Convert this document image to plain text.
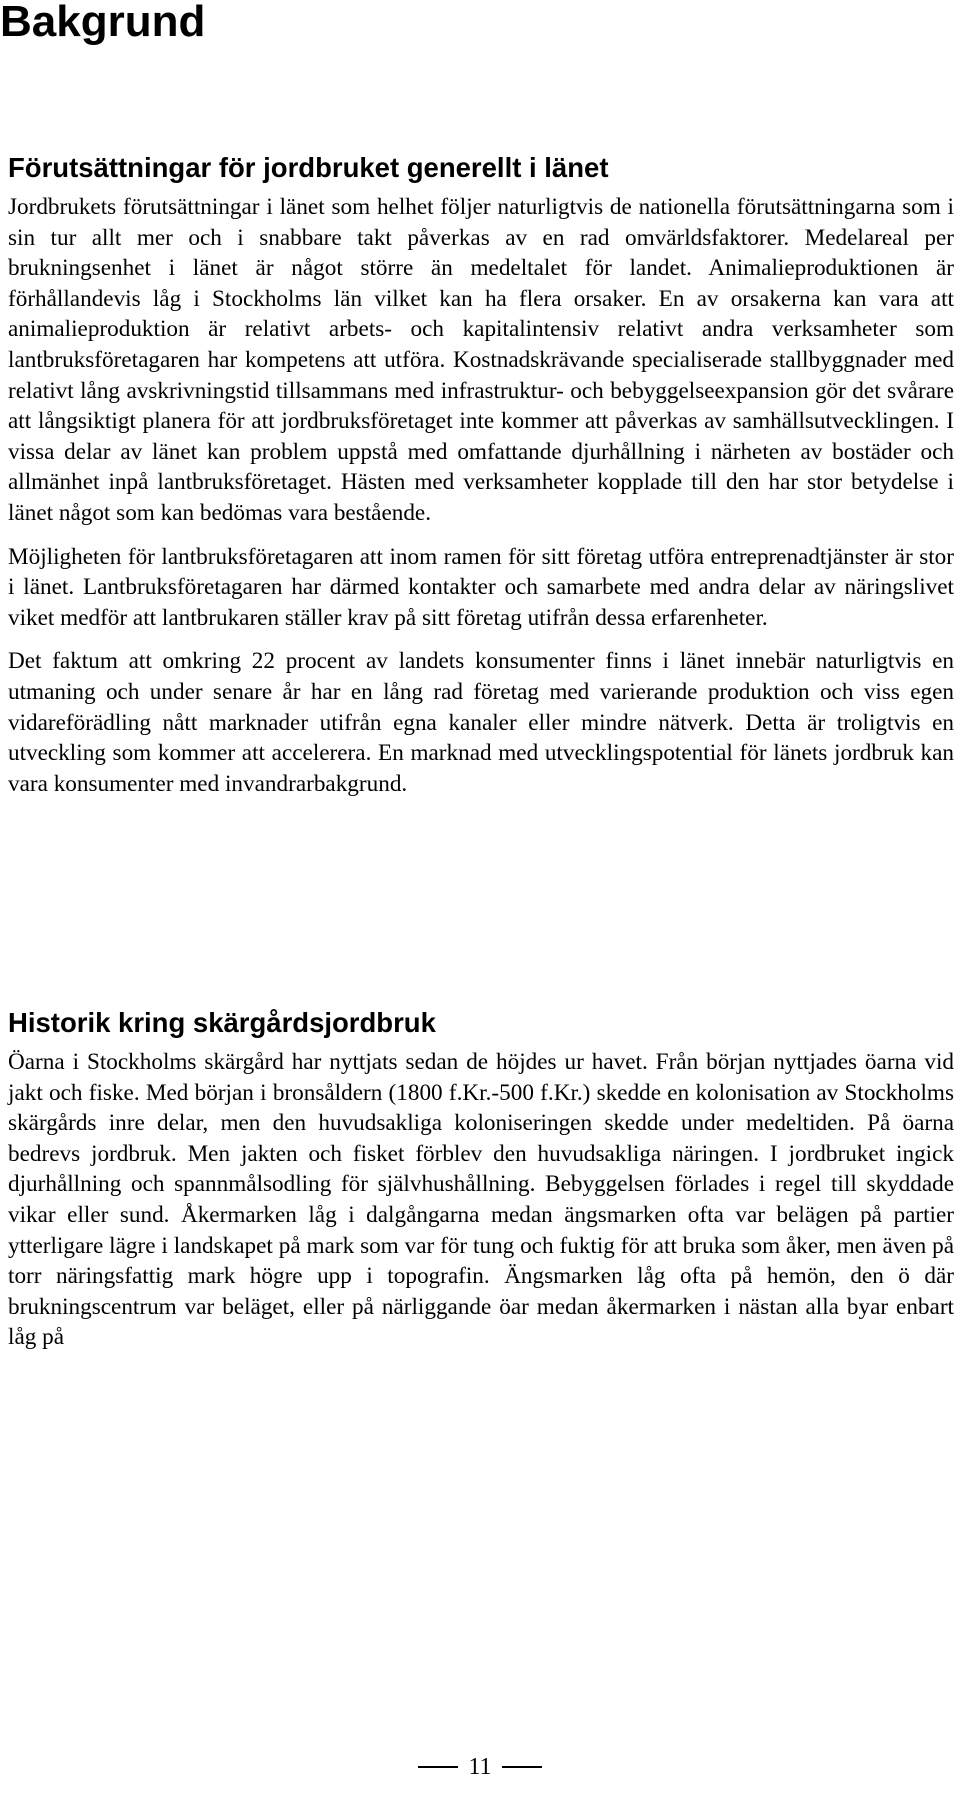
Bakgrund
Förutsättningar för jordbruket generellt i länet

Jordbrukets förutsättningar i länet som helhet följer naturligtvis de nationella förutsättningarna som i sin tur allt mer och i snabbare takt påverkas av en rad omvärldsfaktorer. Medelareal per brukningsenhet i länet är något större än medeltalet för landet. Animalieproduktionen är förhållandevis låg i Stockholms län vilket kan ha flera orsaker. En av orsakerna kan vara att animalieproduktion är relativt arbets- och kapitalintensiv relativt andra verksamheter som lantbruksföretagaren har kompetens att utföra. Kostnadskrävande specialiserade stallbyggnader med relativt lång avskrivningstid tillsammans med infrastruktur- och bebyggelseexpansion gör det svårare att långsiktigt planera för att jordbruksföretaget inte kommer att påverkas av samhällsutvecklingen. I vissa delar av länet kan problem uppstå med omfattande djurhållning i närheten av bostäder och allmänhet inpå lantbruksföretaget. Hästen med verksamheter kopplade till den har stor betydelse i länet något som kan bedömas vara bestående.

Möjligheten för lantbruksföretagaren att inom ramen för sitt företag utföra entreprenadtjänster är stor i länet. Lantbruksföretagaren har därmed kontakter och samarbete med andra delar av näringslivet viket medför att lantbrukaren ställer krav på sitt företag utifrån dessa erfarenheter.

Det faktum att omkring 22 procent av landets konsumenter finns i länet innebär naturligtvis en utmaning och under senare år har en lång rad företag med varierande produktion och viss egen vidareförädling nått marknader utifrån egna kanaler eller mindre nätverk. Detta är troligtvis en utveckling som kommer att accelerera. En marknad med utvecklingspotential för länets jordbruk kan vara konsumenter med invandrarbakgrund.

Historik kring skärgårdsjordbruk

Öarna i Stockholms skärgård har nyttjats sedan de höjdes ur havet. Från början nyttjades öarna vid jakt och fiske. Med början i bronsåldern (1800 f.Kr.-500 f.Kr.) skedde en kolonisation av Stockholms skärgårds inre delar, men den huvudsakliga koloniseringen skedde under medeltiden. På öarna bedrevs jordbruk. Men jakten och fisket förblev den huvudsakliga näringen. I jordbruket ingick djurhållning och spannmålsodling för självhushållning. Bebyggelsen förlades i regel till skyddade vikar eller sund. Åkermarken låg i dalgångarna medan ängsmarken ofta var belägen på partier ytterligare lägre i landskapet på mark som var för tung och fuktig för att bruka som åker, men även på torr näringsfattig mark högre upp i topografin. Ängsmarken låg ofta på hemön, den ö där brukningscentrum var beläget, eller på närliggande öar medan åkermarken i nästan alla byar enbart låg på

11
